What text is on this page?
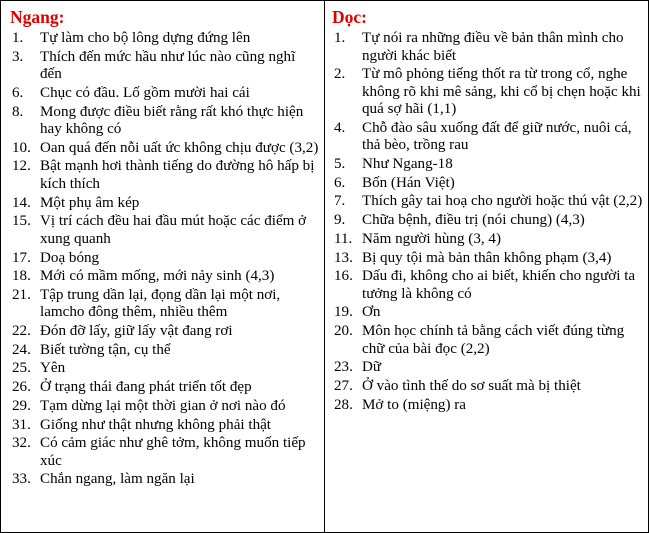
Ngang:
1. Tự làm cho bộ lông dựng đứng lên
3. Thích đến mức hầu như lúc nào cũng nghĩ đến
6. Chục có đầu. Lố gồm mười hai cái
8. Mong được điều biết rằng rất khó thực hiện hay không có
10. Oan quá đến nỗi uất ức không chịu được (3,2)
12. Bật mạnh hơi thành tiếng do đường hô hấp bị kích thích
14. Một phụ âm kép
15. Vị trí cách đều hai đầu mút hoặc các điểm ở xung quanh
17. Doạ bóng
18. Mới có mầm mống, mới nảy sinh (4,3)
21. Tập trung dần lại, đọng dần lại một nơi, lamcho đông thêm, nhiều thêm
22. Đón đỡ lấy, giữ lấy vật đang rơi
24. Biết tường tận, cụ thể
25. Yên
26. Ở trạng thái đang phát triển tốt đẹp
29. Tạm dừng lại một thời gian ở nơi nào đó
31. Giống như thật nhưng không phải thật
32. Có cảm giác như ghê tởm, không muốn tiếp xúc
33. Chắn ngang, làm ngăn lại
Dọc:
1. Tự nói ra những điều về bản thân mình cho người khác biết
2. Từ mô phỏng tiếng thốt ra từ trong cổ, nghe không rõ khi mê sảng, khi cổ bị chẹn hoặc khi quá sợ hãi (1,1)
4. Chỗ đào sâu xuống đất để giữ nước, nuôi cá, thả bèo, trồng rau
5. Như Ngang-18
6. Bốn (Hán Việt)
7. Thích gây tai hoạ cho người hoặc thú vật (2,2)
9. Chữa bệnh, điều trị (nói chung) (4,3)
11. Năm người hùng (3, 4)
13. Bị quy tội mà bản thân không phạm (3,4)
16. Dấu đi, không cho ai biết, khiến cho người ta tưởng là không có
19. Ơn
20. Môn học chính tả bằng cách viết đúng từng chữ của bài đọc (2,2)
23. Dữ
27. Ở vào tình thế do sơ suất mà bị thiệt
28. Mở to (miệng) ra
